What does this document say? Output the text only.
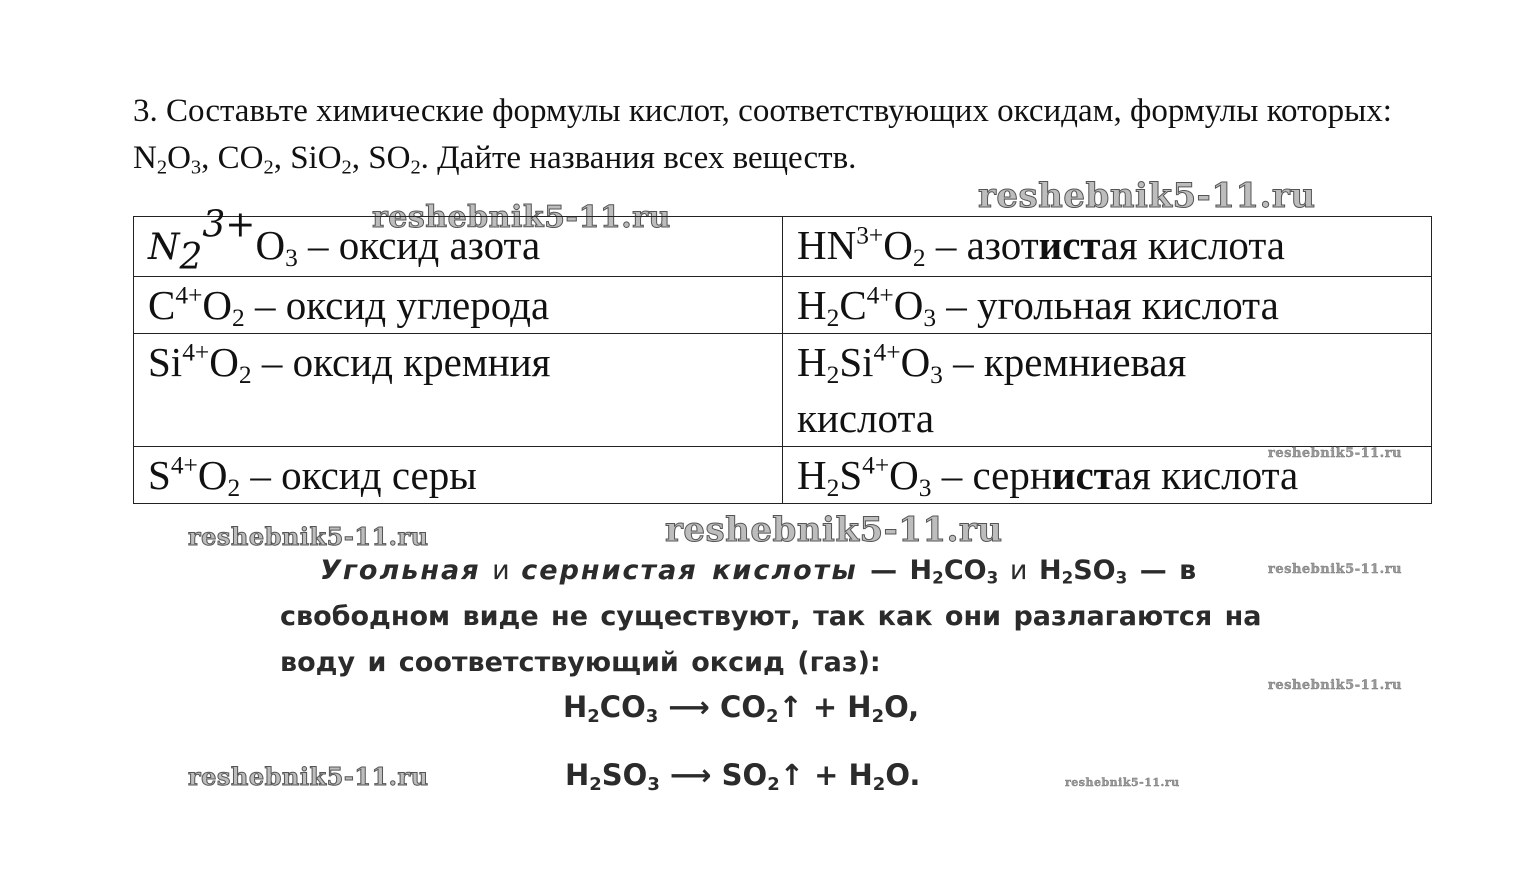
3. Составьте химические формулы кислот, соответствующих оксидам, формулы которых: $N_2O_3$, $CO_2$, SiO$_2$, $SO_2$. Дайте названия всех веществ.
reshebnik5-11.ru
reshebnik5-11.ru
$N_2^{3+}O_3$ – оксид азота	$HN^{3+}O_2$ – азотистая кислота
$C^{4+}O_2$ – оксид углерода	$H_2C^{4+}O_3$ – угольная кислота
$Si^{4+}O_2$ – оксид кремния	$H_2Si^{4+}O_3$ – кремниевая кислота
$S^{4+}O_2$ – оксид серы	$H_2S^{4+}O_3$ – сернистая кислота
reshebnik5-11.ru
reshebnik5-11.ru
reshebnik5-11.ru
reshebnik5-11.ru
reshebnik5-11.ru
reshebnik5-11.ru	reshebnik5-11.ru
Угольная и сернистая кислоты — $H_2CO_3$ и $H_2SO_3$ — в свободном виде не существуют, так как они разлагаются на воду и соответствующий оксид (газ):
$H_2CO_3$ ⟶ $CO_2↑ + H_2O$,
$H_2SO_3$ ⟶ $SO_2↑ + H_2O$.
